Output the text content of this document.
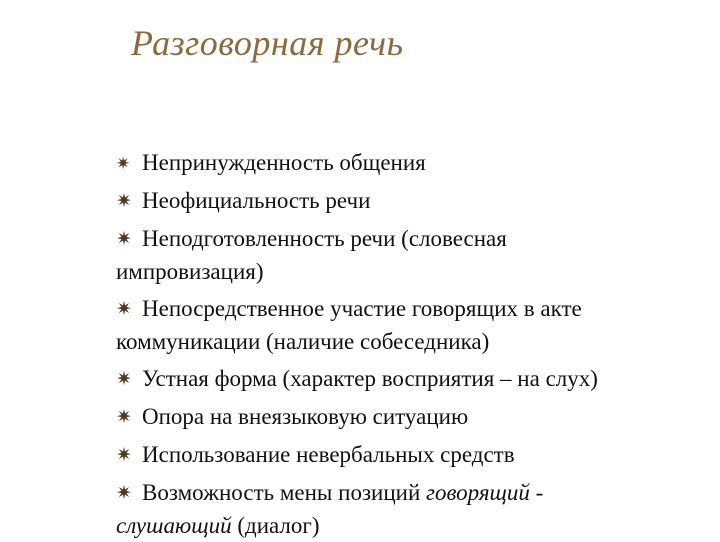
Разговорная речь
✷ Непринужденность общения
✷ Неофициальность речи
✷ Неподготовленность речи (словесная
импровизация)
✷ Непосредственное участие говорящих в акте
коммуникации (наличие собеседника)
✷ Устная форма (характер восприятия – на слух)
✷ Опора на внеязыковую ситуацию
✷ Использование невербальных средств
✷ Возможность мены позиций говорящий -
слушающий (диалог)
